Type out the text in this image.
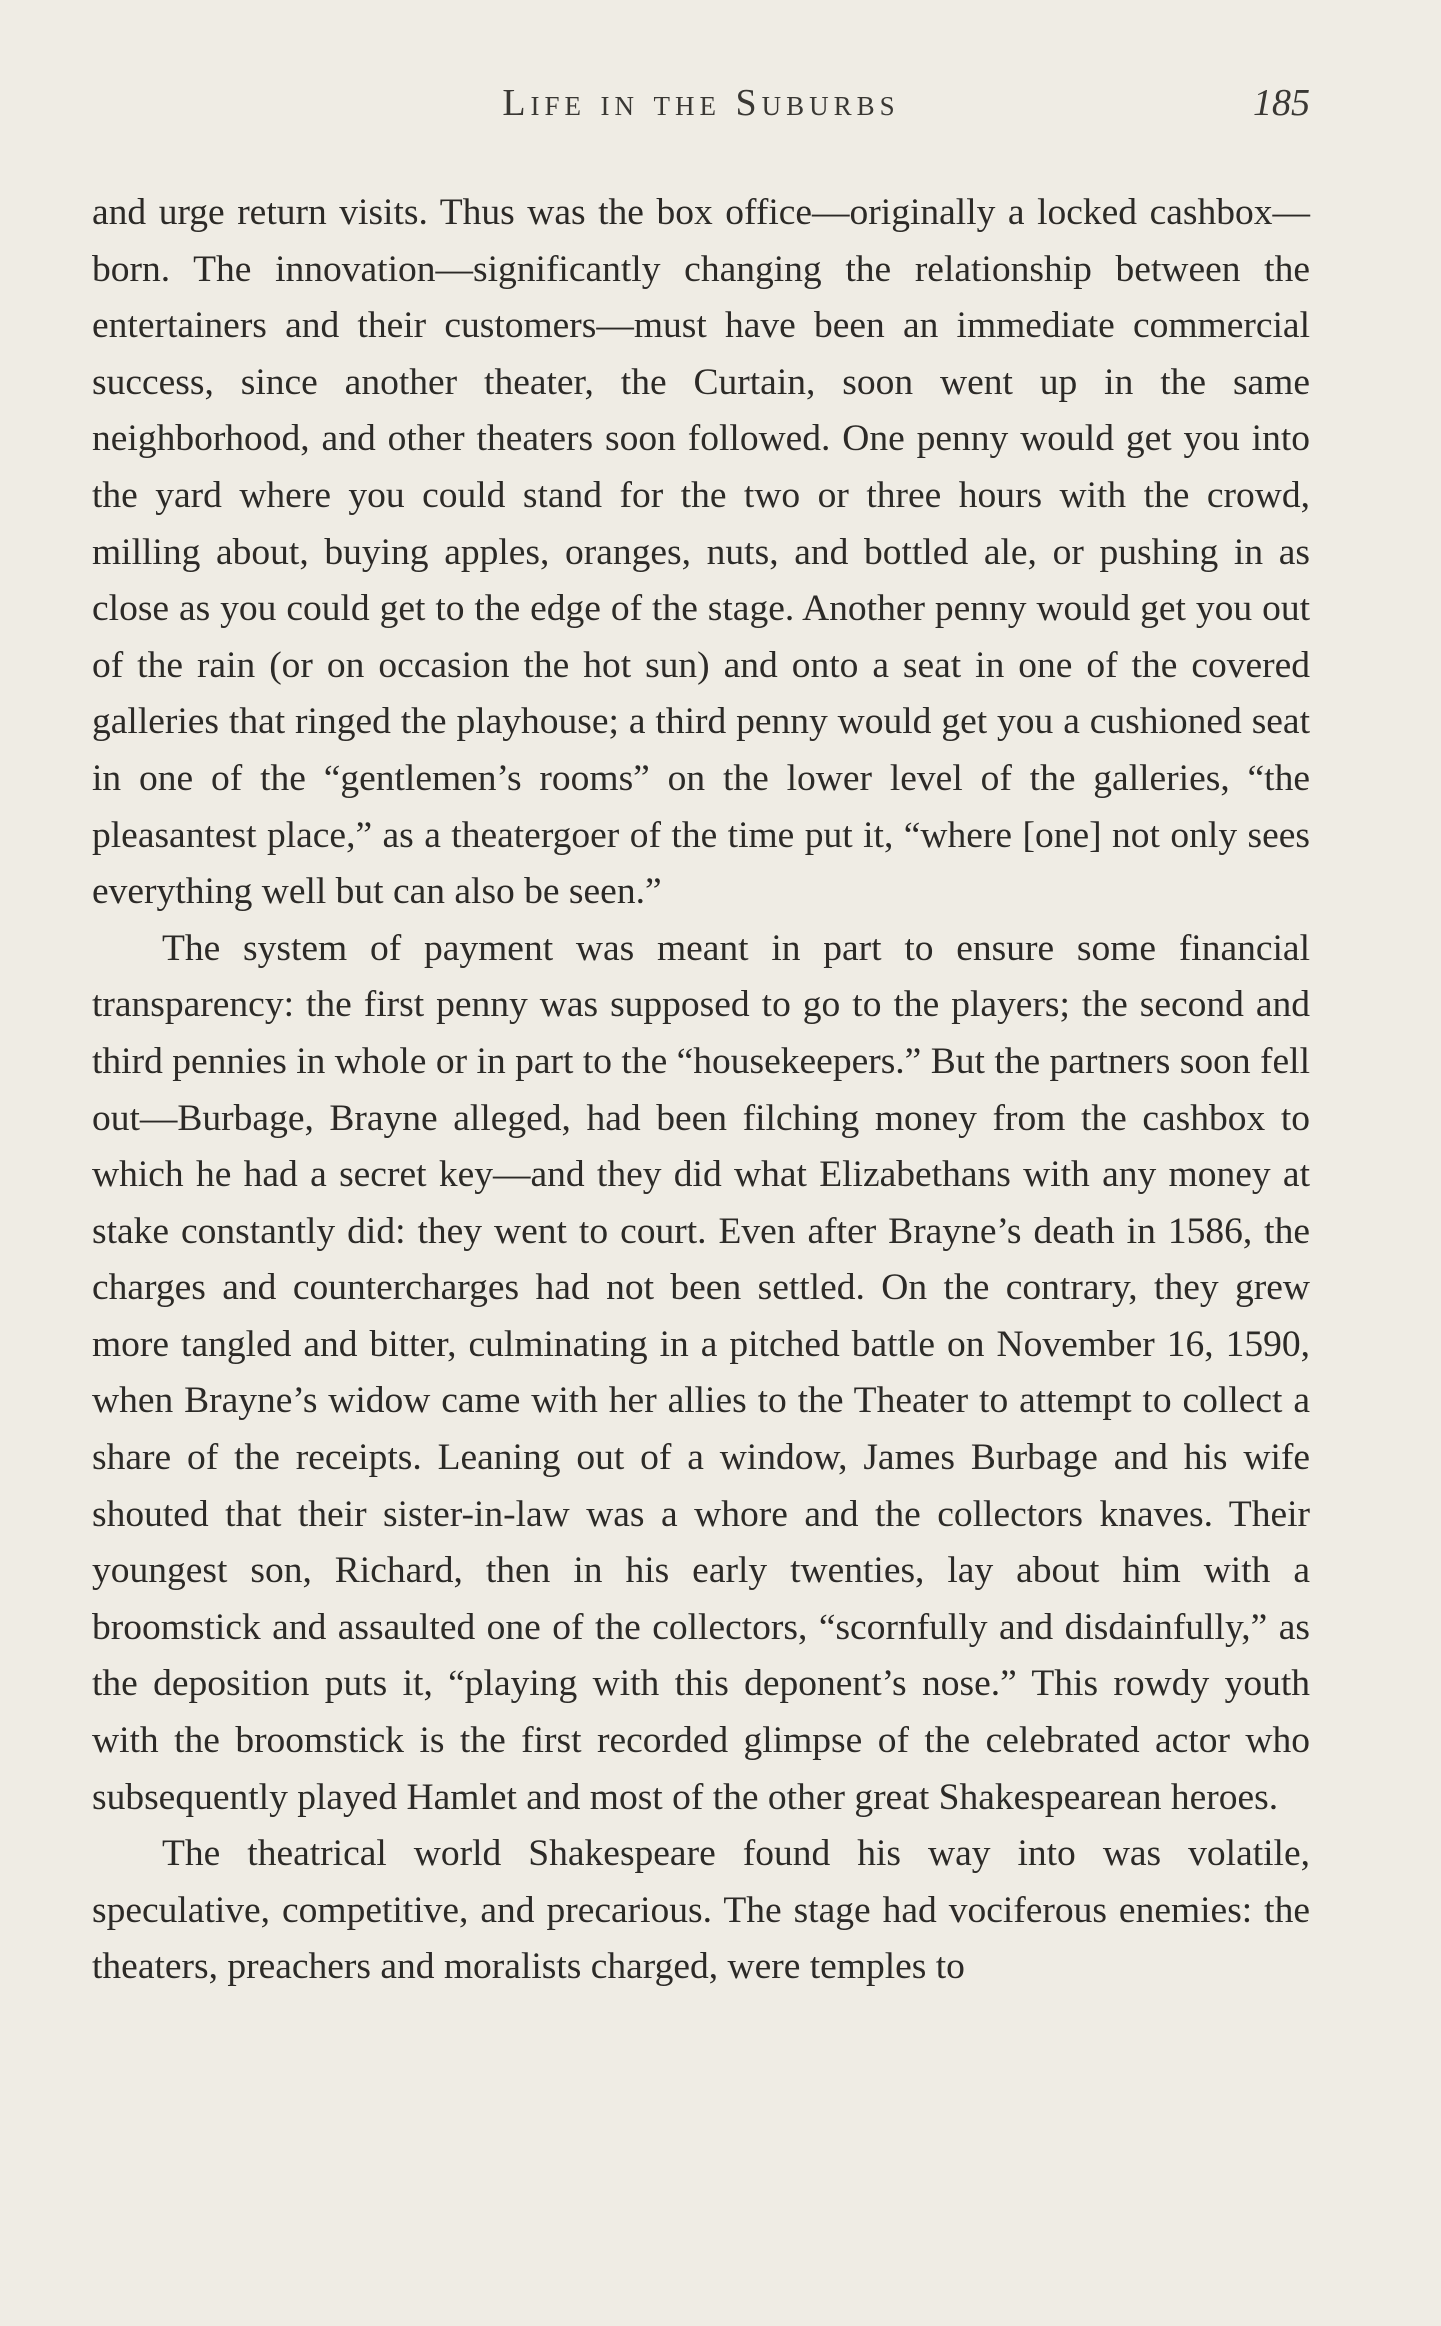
Life in the Suburbs	185

and urge return visits. Thus was the box office—originally a locked cashbox—born. The innovation—significantly changing the relationship between the entertainers and their customers—must have been an immediate commercial success, since another theater, the Curtain, soon went up in the same neighborhood, and other theaters soon followed. One penny would get you into the yard where you could stand for the two or three hours with the crowd, milling about, buying apples, oranges, nuts, and bottled ale, or pushing in as close as you could get to the edge of the stage. Another penny would get you out of the rain (or on occasion the hot sun) and onto a seat in one of the covered galleries that ringed the playhouse; a third penny would get you a cushioned seat in one of the “gentlemen’s rooms” on the lower level of the galleries, “the pleasantest place,” as a theatergoer of the time put it, “where [one] not only sees everything well but can also be seen.”

The system of payment was meant in part to ensure some financial transparency: the first penny was supposed to go to the players; the second and third pennies in whole or in part to the “housekeepers.” But the partners soon fell out—Burbage, Brayne alleged, had been filching money from the cashbox to which he had a secret key—and they did what Elizabethans with any money at stake constantly did: they went to court. Even after Brayne’s death in 1586, the charges and countercharges had not been settled. On the contrary, they grew more tangled and bitter, culminating in a pitched battle on November 16, 1590, when Brayne’s widow came with her allies to the Theater to attempt to collect a share of the receipts. Leaning out of a window, James Burbage and his wife shouted that their sister-in-law was a whore and the collectors knaves. Their youngest son, Richard, then in his early twenties, lay about him with a broomstick and assaulted one of the collectors, “scornfully and disdainfully,” as the deposition puts it, “playing with this deponent’s nose.” This rowdy youth with the broomstick is the first recorded glimpse of the celebrated actor who subsequently played Hamlet and most of the other great Shakespearean heroes.

The theatrical world Shakespeare found his way into was volatile, speculative, competitive, and precarious. The stage had vociferous enemies: the theaters, preachers and moralists charged, were temples to
